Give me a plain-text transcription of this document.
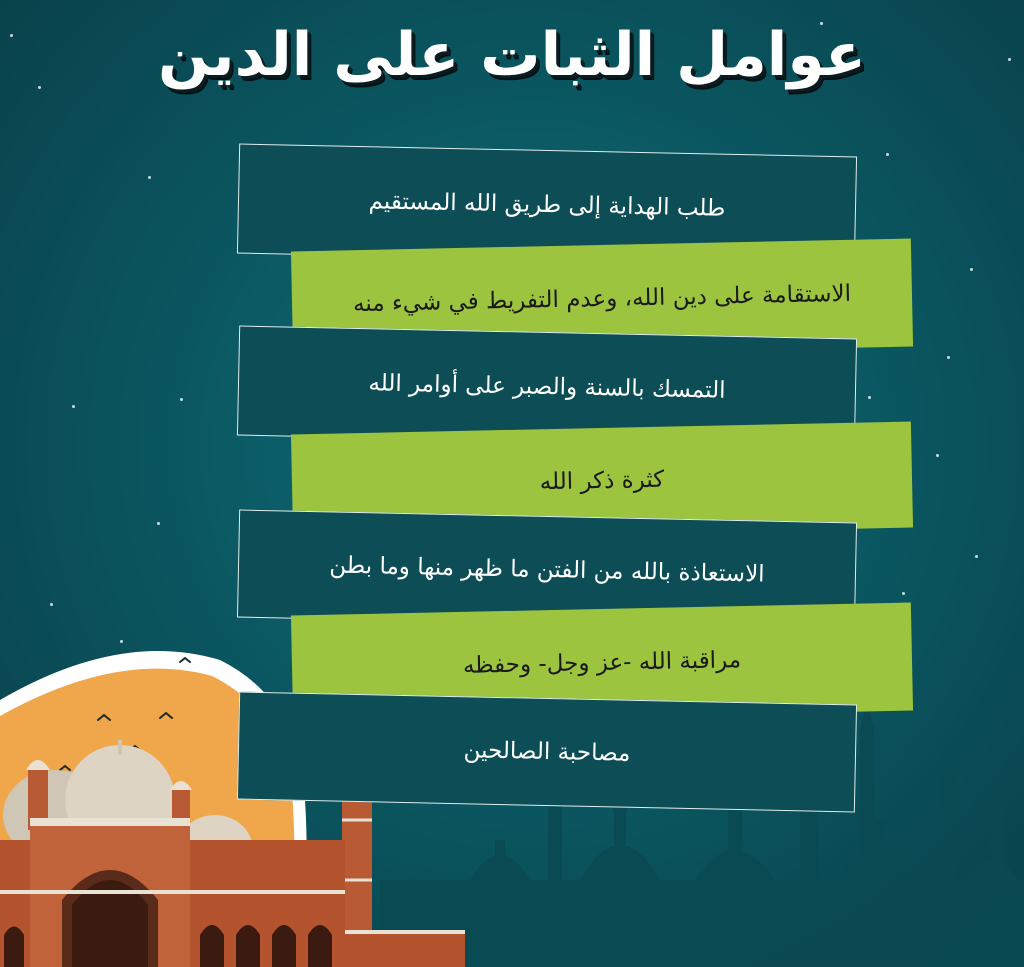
عوامل الثبات على الدين
طلب الهداية إلى طريق الله المستقيم
الاستقامة على دين الله، وعدم التفريط في شيء منه
التمسك بالسنة والصبر على أوامر الله
كثرة ذكر الله
الاستعاذة بالله من الفتن ما ظهر منها وما بطن
مراقبة الله -عز وجل- وحفظه
مصاحبة الصالحين
